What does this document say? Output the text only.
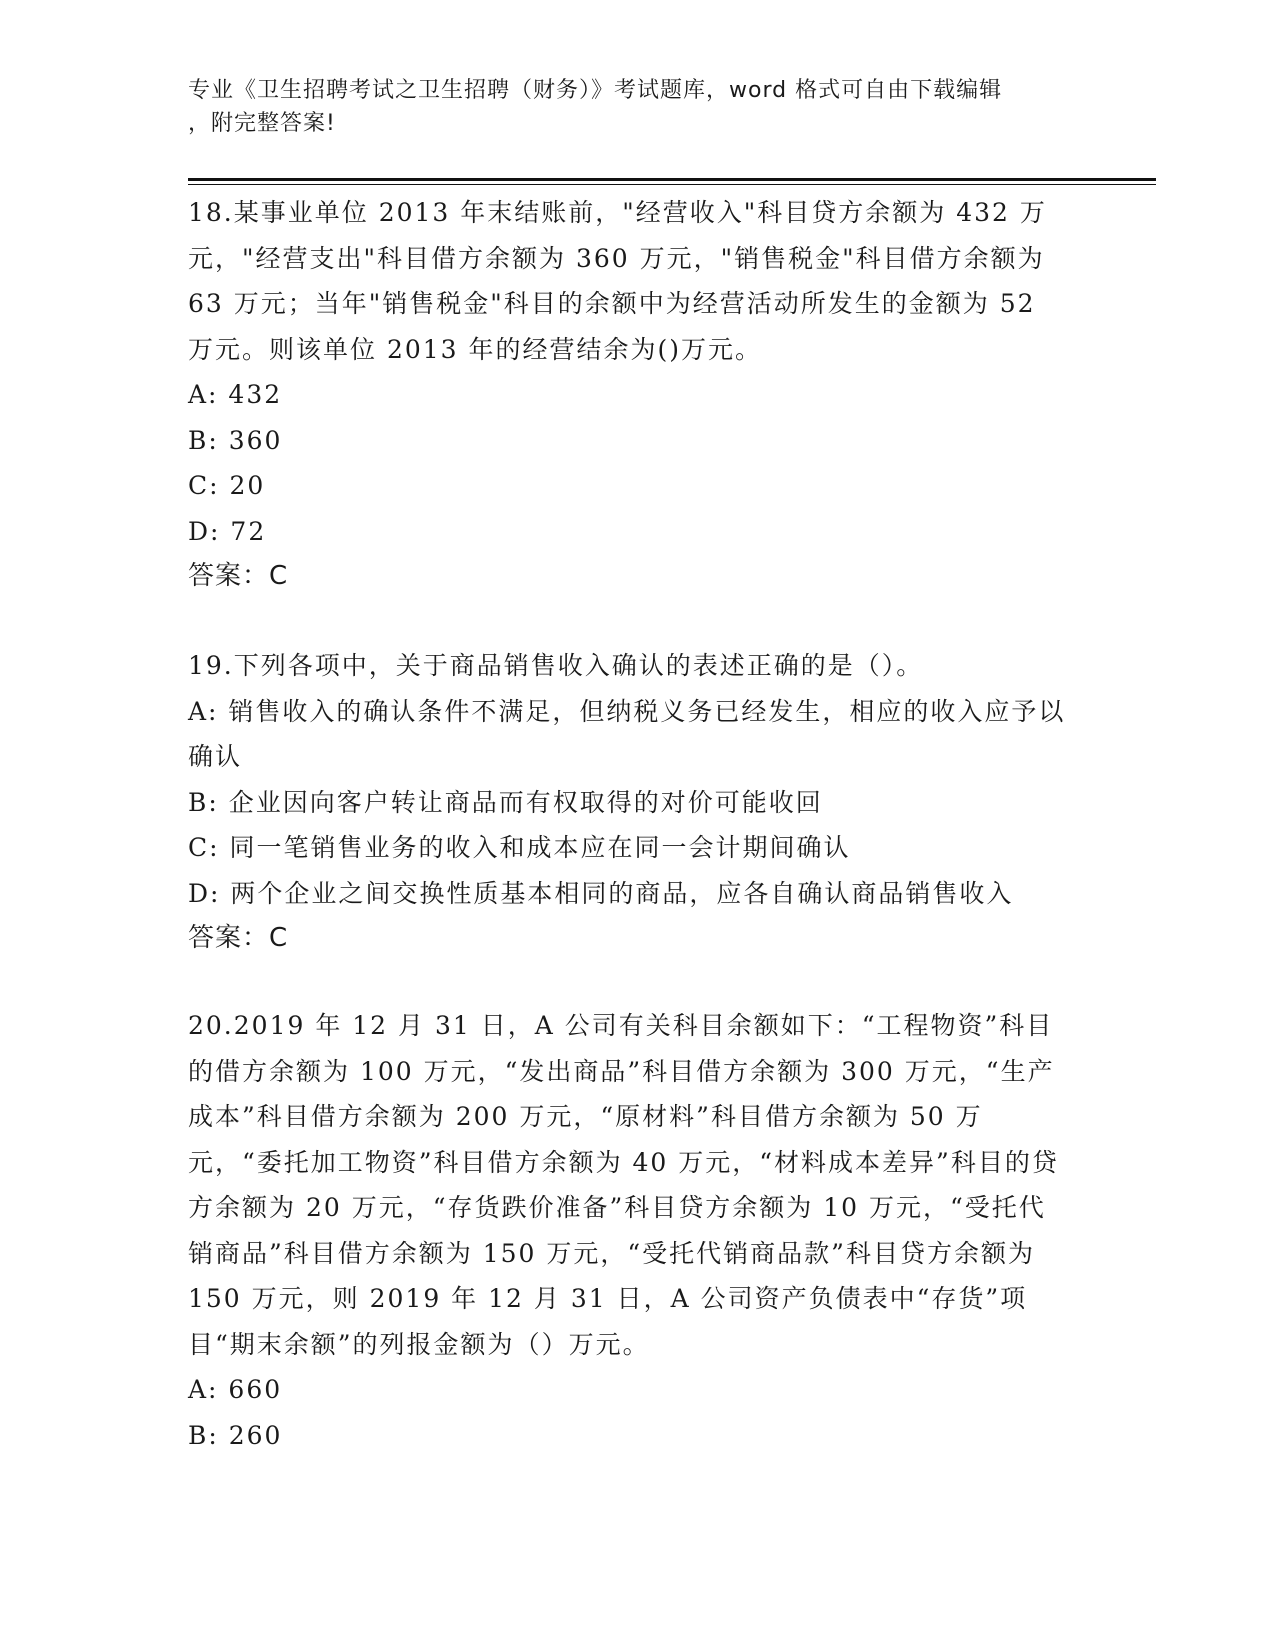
专业《卫生招聘考试之卫生招聘（财务）》考试题库，word 格式可自由下载编辑
，附完整答案!

18.某事业单位 2013 年末结账前，"经营收入"科目贷方余额为 432 万元，"经营支出"科目借方余额为 360 万元，"销售税金"科目借方余额为 63 万元；当年"销售税金"科目的余额中为经营活动所发生的金额为 52 万元。则该单位 2013 年的经营结余为()万元。

A: 432

B: 360

C: 20

D: 72

答案：C

19.下列各项中，关于商品销售收入确认的表述正确的是（）。

A: 销售收入的确认条件不满足，但纳税义务已经发生，相应的收入应予以确认

B: 企业因向客户转让商品而有权取得的对价可能收回

C: 同一笔销售业务的收入和成本应在同一会计期间确认

D: 两个企业之间交换性质基本相同的商品，应各自确认商品销售收入

答案：C

20.2019 年 12 月 31 日，A 公司有关科目余额如下：“工程物资”科目的借方余额为 100 万元，“发出商品”科目借方余额为 300 万元，“生产成本”科目借方余额为 200 万元，“原材料”科目借方余额为 50 万元，“委托加工物资”科目借方余额为 40 万元，“材料成本差异”科目的贷方余额为 20 万元，“存货跌价准备”科目贷方余额为 10 万元，“受托代销商品”科目借方余额为 150 万元，“受托代销商品款”科目贷方余额为 150 万元，则 2019 年 12 月 31 日，A 公司资产负债表中“存货”项目“期末余额”的列报金额为（）万元。

A: 660

B: 260
